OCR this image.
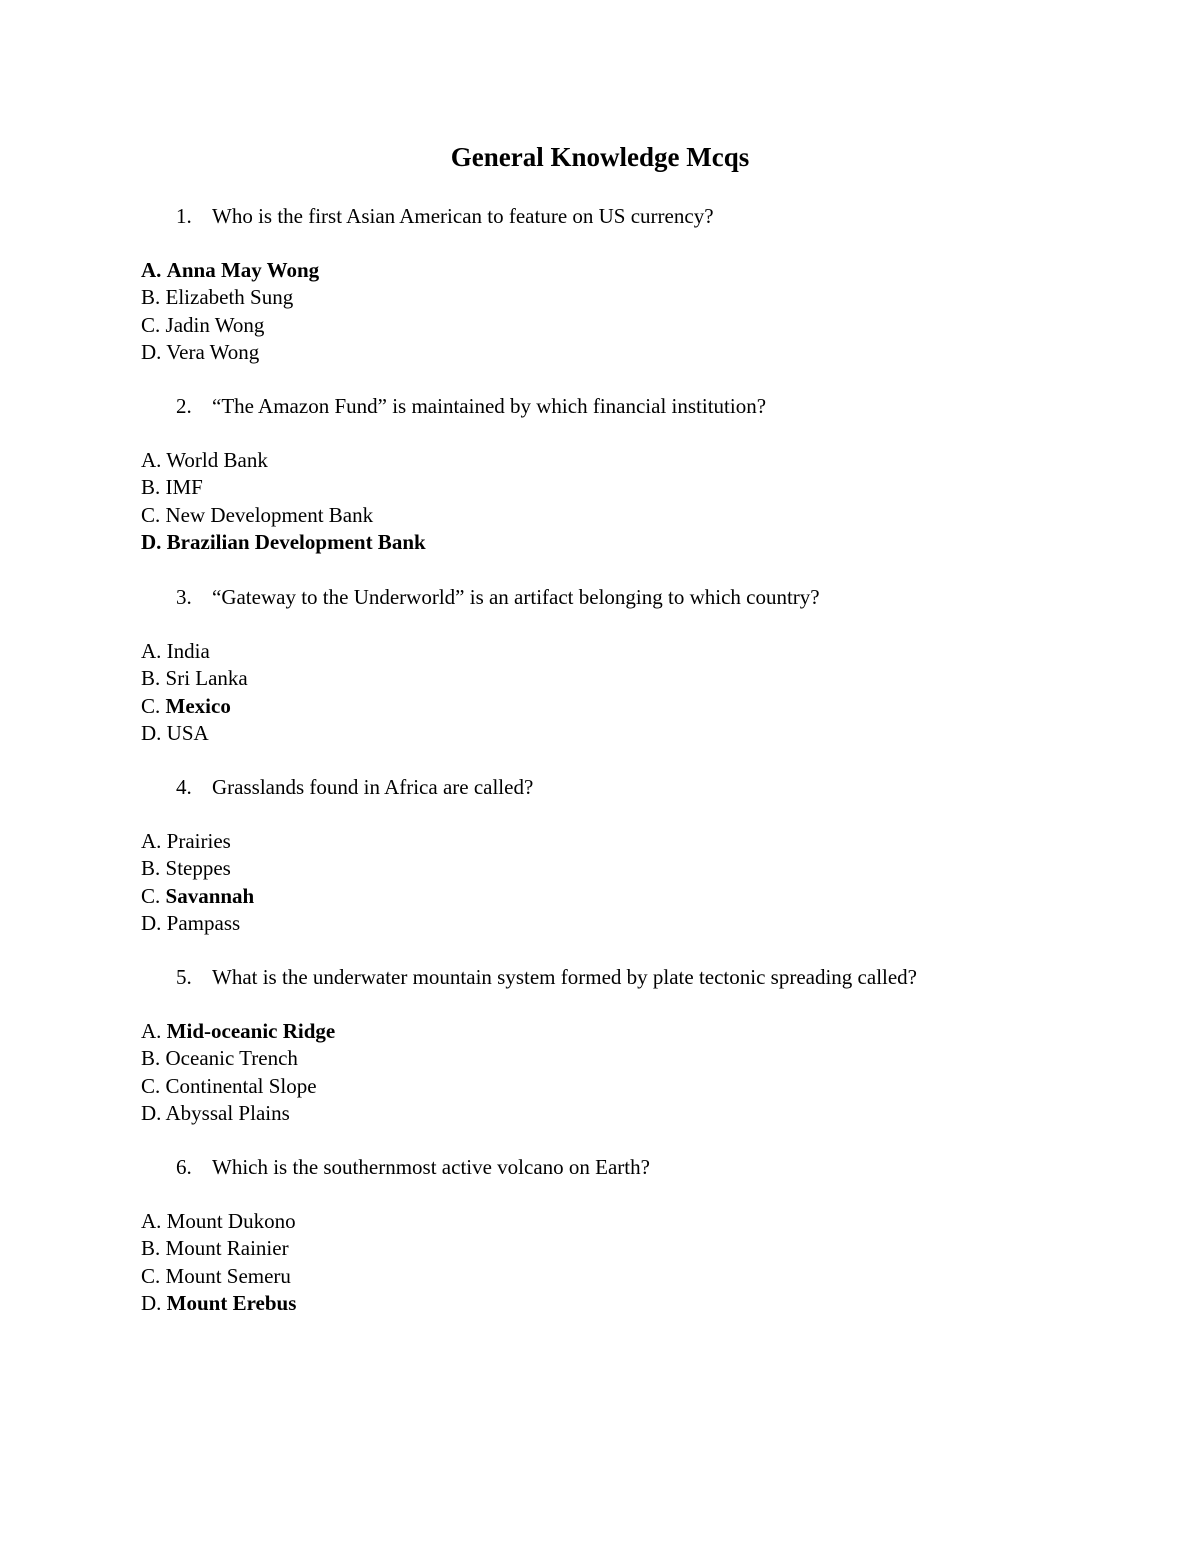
General Knowledge Mcqs
1. Who is the first Asian American to feature on US currency?
A. Anna May Wong
B. Elizabeth Sung
C. Jadin Wong
D. Vera Wong
2. “The Amazon Fund” is maintained by which financial institution?
A. World Bank
B. IMF
C. New Development Bank
D. Brazilian Development Bank
3. “Gateway to the Underworld” is an artifact belonging to which country?
A. India
B. Sri Lanka
C. Mexico
D. USA
4. Grasslands found in Africa are called?
A. Prairies
B. Steppes
C. Savannah
D. Pampass
5. What is the underwater mountain system formed by plate tectonic spreading called?
A. Mid-oceanic Ridge
B. Oceanic Trench
C. Continental Slope
D. Abyssal Plains
6. Which is the southernmost active volcano on Earth?
A. Mount Dukono
B. Mount Rainier
C. Mount Semeru
D. Mount Erebus
